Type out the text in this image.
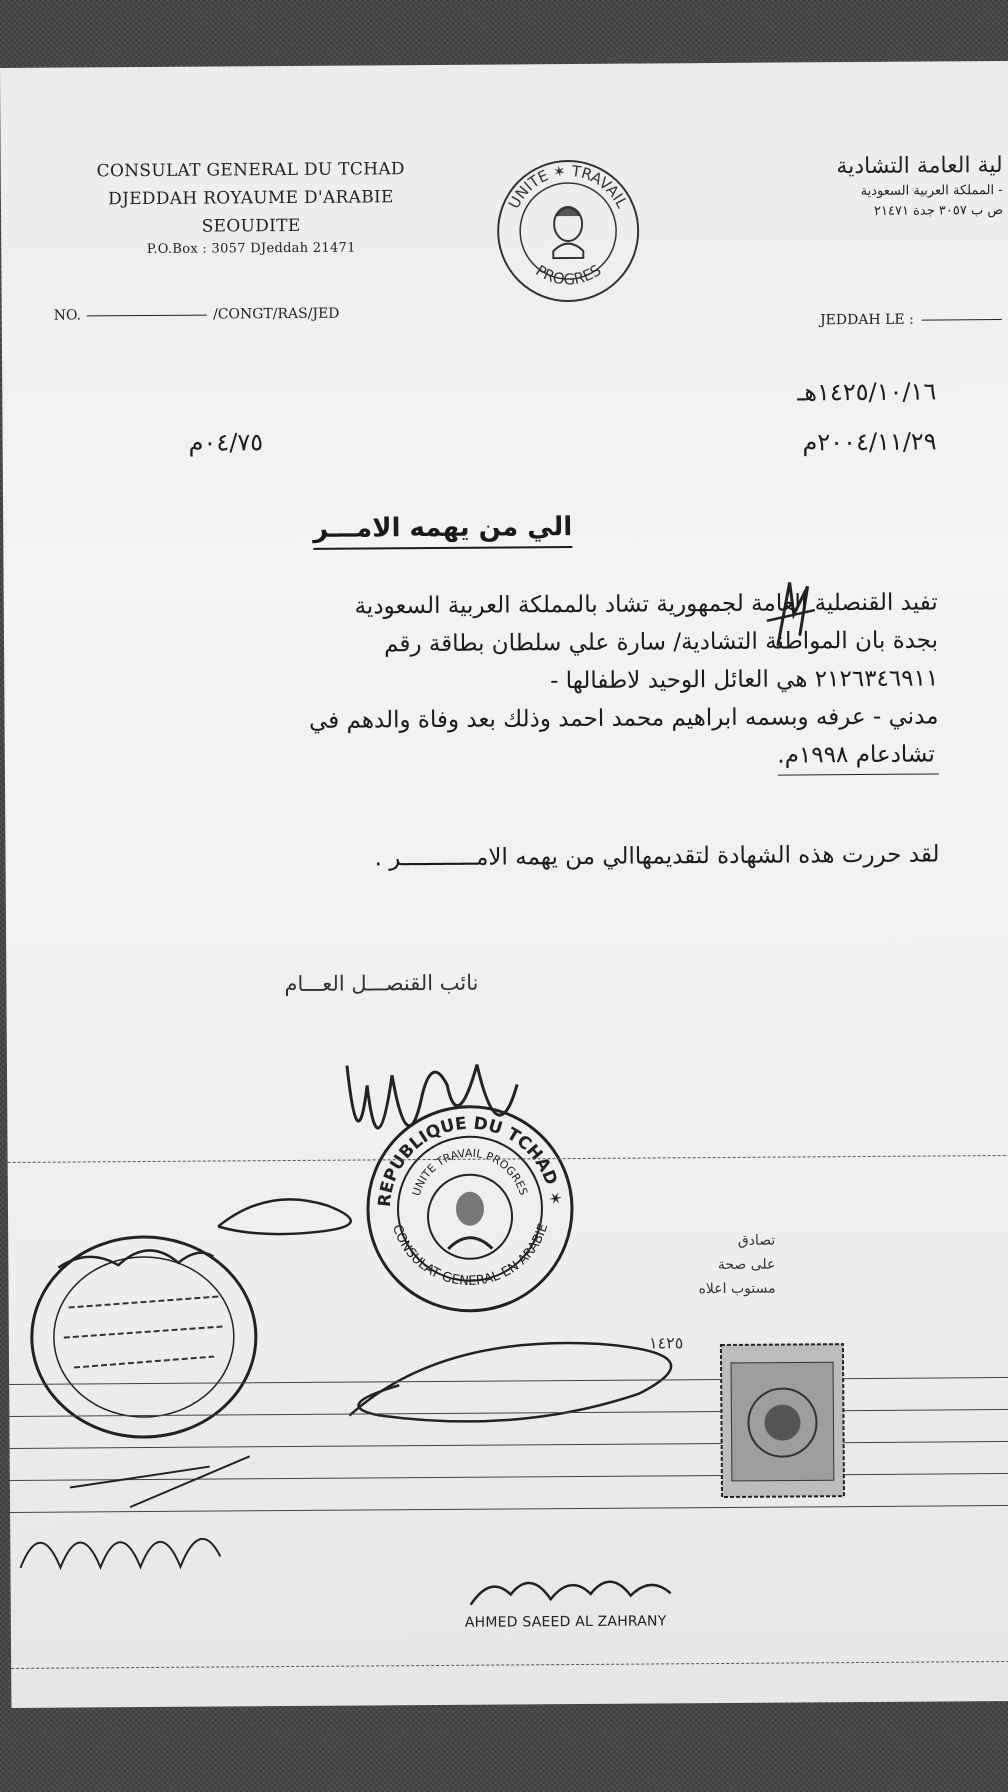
CONSULAT GENERAL DU TCHAD
DJEDDAH ROYAUME D'ARABIE
SEOUDITE
P.O.Box : 3057 DJeddah 21471
UNITE ✶ TRAVAIL
PROGRES
لية العامة التشادية
- المملكة العربية السعودية
ص ب ٣٠٥٧ جدة ٢١٤٧١
NO.	/CONGT/RAS/JED	JEDDAH LE :
١٤٢٥/١٠/١٦هـ
٢٠٠٤/١١/٢٩م
٠٤/٧٥م
الي من يهمه الامـــر

تفيد القنصلية العامة لجمهورية تشاد بالمملكة العربية السعودية

بجدة بان المواطنة التشادية/ سارة علي سلطان بطاقة رقم

٢١٢٦٣٤٦٩١١ هي العائل الوحيد لاطفالها -

مدني - عرفه وبسمه ابراهيم محمد احمد وذلك بعد وفاة والدهم في

تشادعام ١٩٩٨م.

لقد حررت هذه الشهادة لتقديمهاالي من يهمه الامـــــــــــر .
نائب القنصـــل العـــام
REPUBLIQUE DU TCHAD ✶
CONSULAT GENERAL EN ARABIE
UNITE TRAVAIL PROGRES
تصادق
على صحة
مستوب اعلاه
١٤٢٥
AHMED SAEED AL ZAHRANY
